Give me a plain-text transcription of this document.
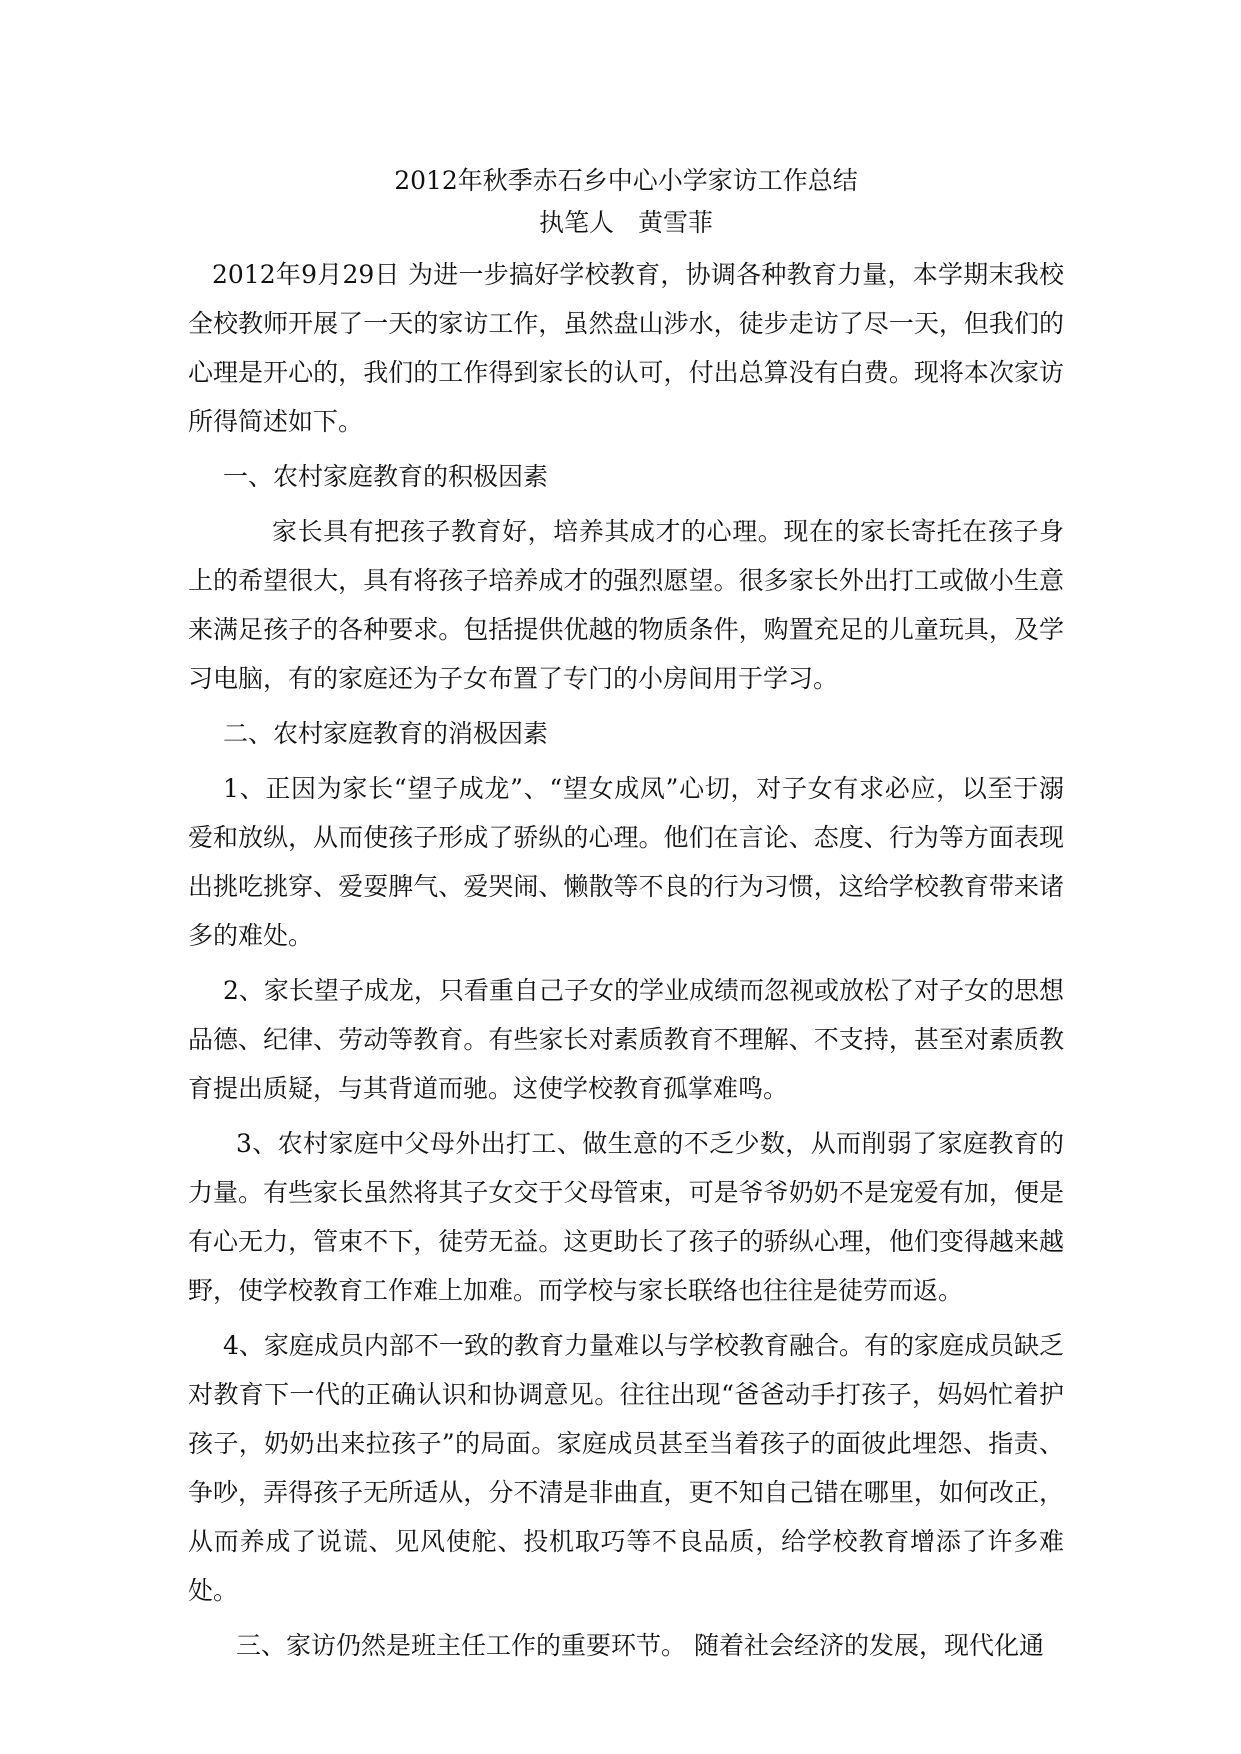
2012年秋季赤石乡中心小学家访工作总结
执笔人 黄雪菲

2012年9月29日 为进一步搞好学校教育，协调各种教育力量，本学期末我校全校教师开展了一天的家访工作，虽然盘山涉水，徒步走访了尽一天，但我们的心理是开心的，我们的工作得到家长的认可，付出总算没有白费。现将本次家访所得简述如下。

一、农村家庭教育的积极因素

家长具有把孩子教育好，培养其成才的心理。现在的家长寄托在孩子身上的希望很大，具有将孩子培养成才的强烈愿望。很多家长外出打工或做小生意来满足孩子的各种要求。包括提供优越的物质条件，购置充足的儿童玩具，及学习电脑，有的家庭还为子女布置了专门的小房间用于学习。

二、农村家庭教育的消极因素

1、正因为家长“望子成龙”、“望女成凤”心切，对子女有求必应，以至于溺爱和放纵，从而使孩子形成了骄纵的心理。他们在言论、态度、行为等方面表现出挑吃挑穿、爱耍脾气、爱哭闹、懒散等不良的行为习惯，这给学校教育带来诸多的难处。

2、家长望子成龙，只看重自己子女的学业成绩而忽视或放松了对子女的思想品德、纪律、劳动等教育。有些家长对素质教育不理解、不支持，甚至对素质教育提出质疑，与其背道而驰。这使学校教育孤掌难鸣。

3、农村家庭中父母外出打工、做生意的不乏少数，从而削弱了家庭教育的力量。有些家长虽然将其子女交于父母管束，可是爷爷奶奶不是宠爱有加，便是有心无力，管束不下，徒劳无益。这更助长了孩子的骄纵心理，他们变得越来越野，使学校教育工作难上加难。而学校与家长联络也往往是徒劳而返。

4、家庭成员内部不一致的教育力量难以与学校教育融合。有的家庭成员缺乏对教育下一代的正确认识和协调意见。往往出现“爸爸动手打孩子，妈妈忙着护孩子，奶奶出来拉孩子”的局面。家庭成员甚至当着孩子的面彼此埋怨、指责、争吵，弄得孩子无所适从，分不清是非曲直，更不知自己错在哪里，如何改正，从而养成了说谎、见风使舵、投机取巧等不良品质，给学校教育增添了许多难处。

三、家访仍然是班主任工作的重要环节。 随着社会经济的发展，现代化通
